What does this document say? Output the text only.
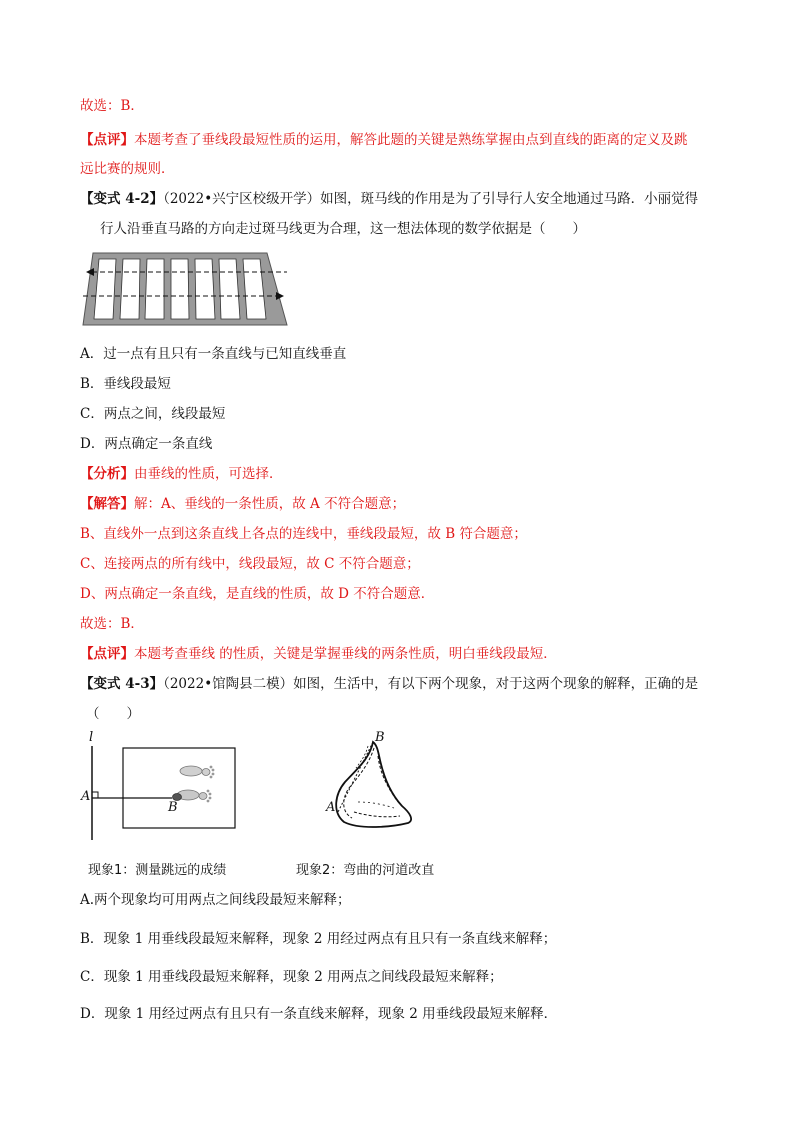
故选：B．
【点评】本题考查了垂线段最短性质的运用，解答此题的关键是熟练掌握由点到直线的距离的定义及跳
远比赛的规则．
【变式 4-2】（2022•兴宁区校级开学）如图，斑马线的作用是为了引导行人安全地通过马路．小丽觉得
行人沿垂直马路的方向走过斑马线更为合理，这一想法体现的数学依据是（　　）
A．过一点有且只有一条直线与已知直线垂直
B．垂线段最短
C．两点之间，线段最短
D．两点确定一条直线
【分析】由垂线的性质，可选择．
【解答】解：A、垂线的一条性质，故 A 不符合题意；
B、直线外一点到这条直线上各点的连线中，垂线段最短，故 B 符合题意；
C、连接两点的所有线中，线段最短，故 C 不符合题意；
D、两点确定一条直线，是直线的性质，故 D 不符合题意．
故选：B．
【点评】本题考查垂线 的性质，关键是掌握垂线的两条性质，明白垂线段最短．
【变式 4-3】（2022•馆陶县二模）如图，生活中，有以下两个现象，对于这两个现象的解释，正确的是
（　　）
l
A
B
B
A
现象1：测量跳远的成绩	现象2：弯曲的河道改直
A.两个现象均可用两点之间线段最短来解释；
B．现象 1 用垂线段最短来解释，现象 2 用经过两点有且只有一条直线来解释；
C．现象 1 用垂线段最短来解释，现象 2 用两点之间线段最短来解释；
D．现象 1 用经过两点有且只有一条直线来解释，现象 2 用垂线段最短来解释．
